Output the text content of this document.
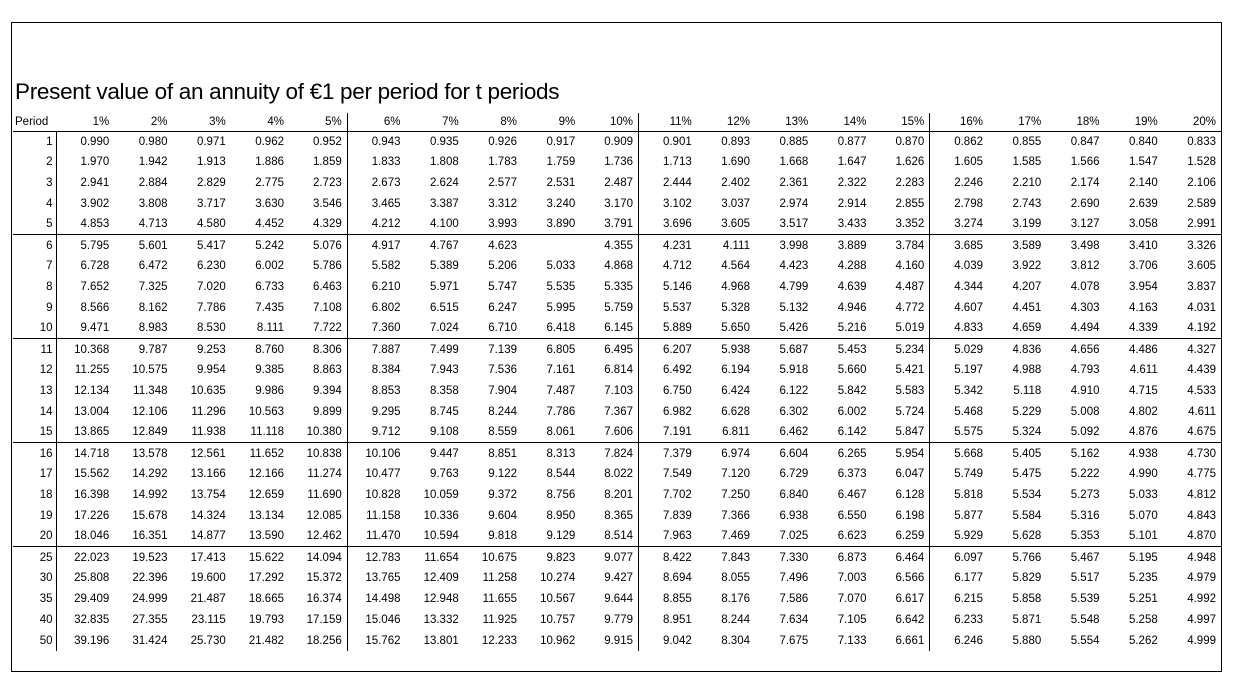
Present value of an annuity of €1 per period for t periods
Period	1%	2%	3%	4%	5%	6%	7%	8%	9%	10%	11%	12%	13%	14%	15%	16%	17%	18%	19%	20%
1	0.990	0.980	0.971	0.962	0.952	0.943	0.935	0.926	0.917	0.909	0.901	0.893	0.885	0.877	0.870	0.862	0.855	0.847	0.840	0.833
2	1.970	1.942	1.913	1.886	1.859	1.833	1.808	1.783	1.759	1.736	1.713	1.690	1.668	1.647	1.626	1.605	1.585	1.566	1.547	1.528
3	2.941	2.884	2.829	2.775	2.723	2.673	2.624	2.577	2.531	2.487	2.444	2.402	2.361	2.322	2.283	2.246	2.210	2.174	2.140	2.106
4	3.902	3.808	3.717	3.630	3.546	3.465	3.387	3.312	3.240	3.170	3.102	3.037	2.974	2.914	2.855	2.798	2.743	2.690	2.639	2.589
5	4.853	4.713	4.580	4.452	4.329	4.212	4.100	3.993	3.890	3.791	3.696	3.605	3.517	3.433	3.352	3.274	3.199	3.127	3.058	2.991
6	5.795	5.601	5.417	5.242	5.076	4.917	4.767	4.623		4.355	4.231	4.111	3.998	3.889	3.784	3.685	3.589	3.498	3.410	3.326
7	6.728	6.472	6.230	6.002	5.786	5.582	5.389	5.206	5.033	4.868	4.712	4.564	4.423	4.288	4.160	4.039	3.922	3.812	3.706	3.605
8	7.652	7.325	7.020	6.733	6.463	6.210	5.971	5.747	5.535	5.335	5.146	4.968	4.799	4.639	4.487	4.344	4.207	4.078	3.954	3.837
9	8.566	8.162	7.786	7.435	7.108	6.802	6.515	6.247	5.995	5.759	5.537	5.328	5.132	4.946	4.772	4.607	4.451	4.303	4.163	4.031
10	9.471	8.983	8.530	8.111	7.722	7.360	7.024	6.710	6.418	6.145	5.889	5.650	5.426	5.216	5.019	4.833	4.659	4.494	4.339	4.192
11	10.368	9.787	9.253	8.760	8.306	7.887	7.499	7.139	6.805	6.495	6.207	5.938	5.687	5.453	5.234	5.029	4.836	4.656	4.486	4.327
12	11.255	10.575	9.954	9.385	8.863	8.384	7.943	7.536	7.161	6.814	6.492	6.194	5.918	5.660	5.421	5.197	4.988	4.793	4.611	4.439
13	12.134	11.348	10.635	9.986	9.394	8.853	8.358	7.904	7.487	7.103	6.750	6.424	6.122	5.842	5.583	5.342	5.118	4.910	4.715	4.533
14	13.004	12.106	11.296	10.563	9.899	9.295	8.745	8.244	7.786	7.367	6.982	6.628	6.302	6.002	5.724	5.468	5.229	5.008	4.802	4.611
15	13.865	12.849	11.938	11.118	10.380	9.712	9.108	8.559	8.061	7.606	7.191	6.811	6.462	6.142	5.847	5.575	5.324	5.092	4.876	4.675
16	14.718	13.578	12.561	11.652	10.838	10.106	9.447	8.851	8.313	7.824	7.379	6.974	6.604	6.265	5.954	5.668	5.405	5.162	4.938	4.730
17	15.562	14.292	13.166	12.166	11.274	10.477	9.763	9.122	8.544	8.022	7.549	7.120	6.729	6.373	6.047	5.749	5.475	5.222	4.990	4.775
18	16.398	14.992	13.754	12.659	11.690	10.828	10.059	9.372	8.756	8.201	7.702	7.250	6.840	6.467	6.128	5.818	5.534	5.273	5.033	4.812
19	17.226	15.678	14.324	13.134	12.085	11.158	10.336	9.604	8.950	8.365	7.839	7.366	6.938	6.550	6.198	5.877	5.584	5.316	5.070	4.843
20	18.046	16.351	14.877	13.590	12.462	11.470	10.594	9.818	9.129	8.514	7.963	7.469	7.025	6.623	6.259	5.929	5.628	5.353	5.101	4.870
25	22.023	19.523	17.413	15.622	14.094	12.783	11.654	10.675	9.823	9.077	8.422	7.843	7.330	6.873	6.464	6.097	5.766	5.467	5.195	4.948
30	25.808	22.396	19.600	17.292	15.372	13.765	12.409	11.258	10.274	9.427	8.694	8.055	7.496	7.003	6.566	6.177	5.829	5.517	5.235	4.979
35	29.409	24.999	21.487	18.665	16.374	14.498	12.948	11.655	10.567	9.644	8.855	8.176	7.586	7.070	6.617	6.215	5.858	5.539	5.251	4.992
40	32.835	27.355	23.115	19.793	17.159	15.046	13.332	11.925	10.757	9.779	8.951	8.244	7.634	7.105	6.642	6.233	5.871	5.548	5.258	4.997
50	39.196	31.424	25.730	21.482	18.256	15.762	13.801	12.233	10.962	9.915	9.042	8.304	7.675	7.133	6.661	6.246	5.880	5.554	5.262	4.999
